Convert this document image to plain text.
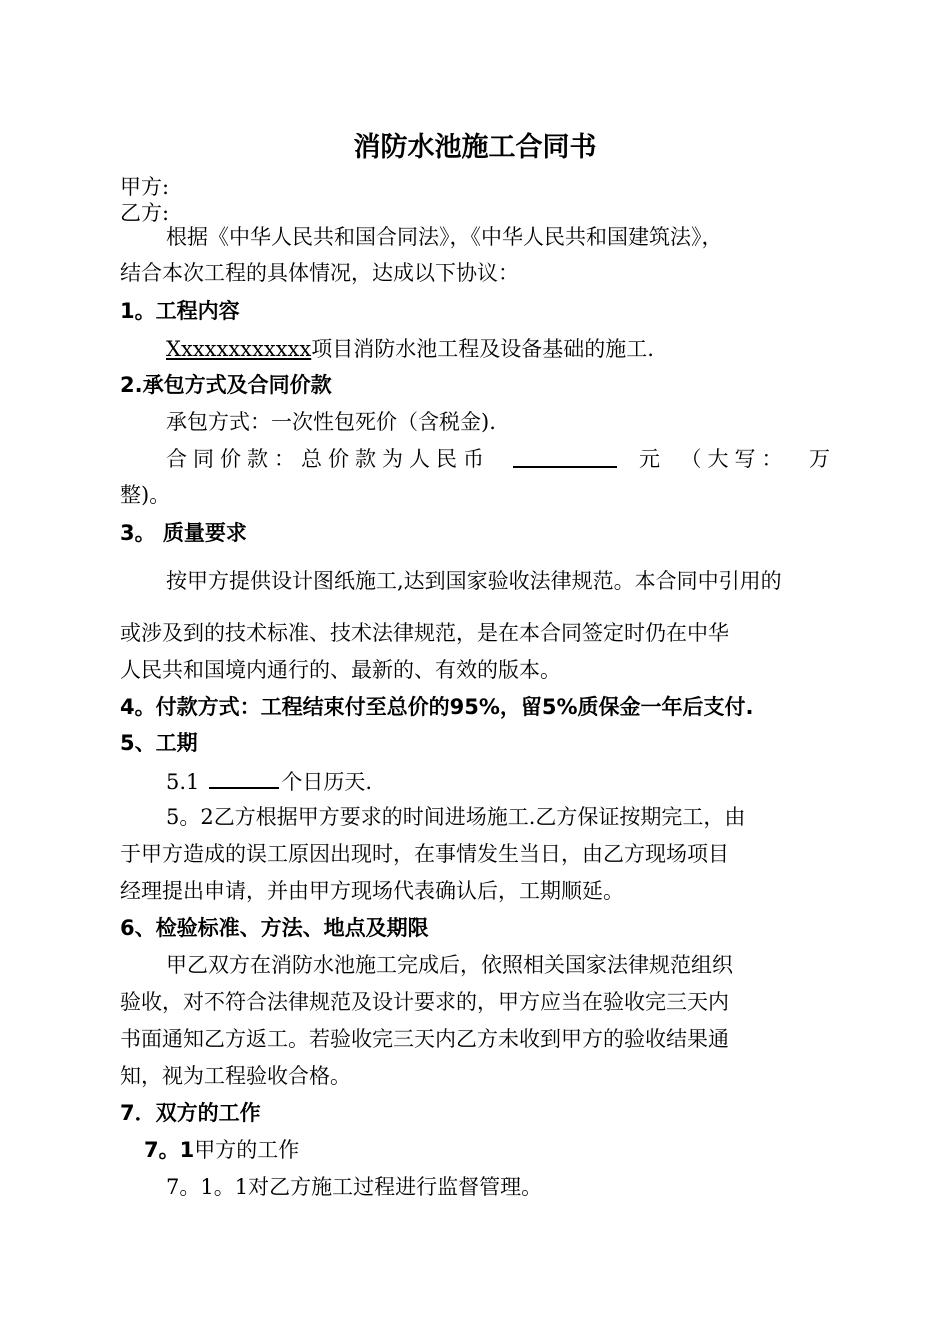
消防水池施工合同书
甲方:
乙方:
根据《中华人民共和国合同法》，《中华人民共和国建筑法》，
结合本次工程的具体情况，达成以下协议：
1。工程内容
Xxxxxxxxxxxx项目消防水池工程及设备基础的施工.
2.承包方式及合同价款
承包方式：一次性包死价（含税金).
合同价款：总价款为人民币	元 （大写： 万
整)。
3。 质量要求
按甲方提供设计图纸施工,达到国家验收法律规范。本合同中引用的
或涉及到的技术标准、技术法律规范，是在本合同签定时仍在中华
人民共和国境内通行的、最新的、有效的版本。
4。付款方式：工程结束付至总价的95%，留5%质保金一年后支付.
5、工期
5.1	个日历天.
5。2乙方根据甲方要求的时间进场施工.乙方保证按期完工，由
于甲方造成的误工原因出现时，在事情发生当日，由乙方现场项目
经理提出申请，并由甲方现场代表确认后，工期顺延。
6、检验标准、方法、地点及期限
甲乙双方在消防水池施工完成后，依照相关国家法律规范组织
验收，对不符合法律规范及设计要求的，甲方应当在验收完三天内
书面通知乙方返工。若验收完三天内乙方未收到甲方的验收结果通
知，视为工程验收合格。
7．双方的工作
7。1甲方的工作
7。1。1对乙方施工过程进行监督管理。
